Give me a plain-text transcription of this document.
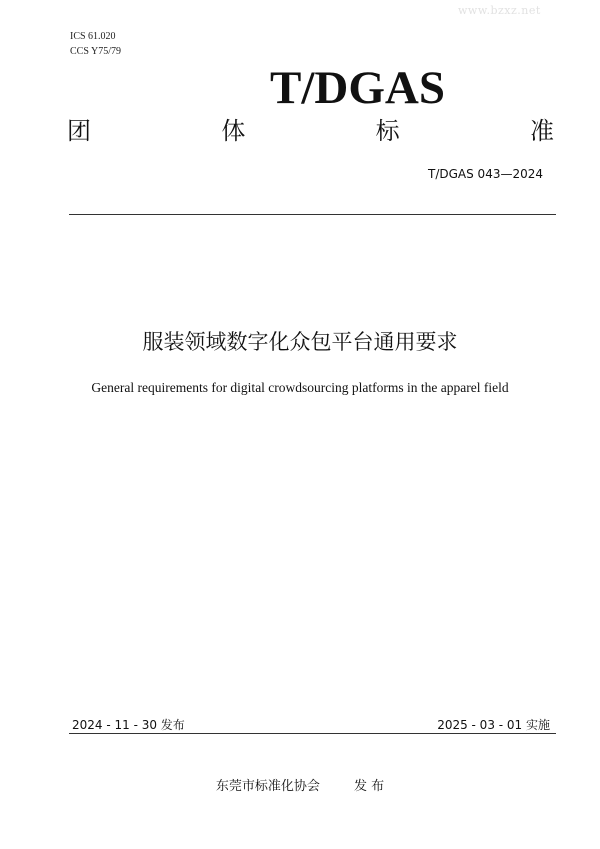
www.bzxz.net
ICS 61.020
CCS Y75/79
T/DGAS
团	体	标	准
T/DGAS 043—2024
服装领域数字化众包平台通用要求
General requirements for digital crowdsourcing platforms in the apparel field
2024 - 11 - 30 发布	2025 - 03 - 01 实施
东莞市标准化协会	发 布
